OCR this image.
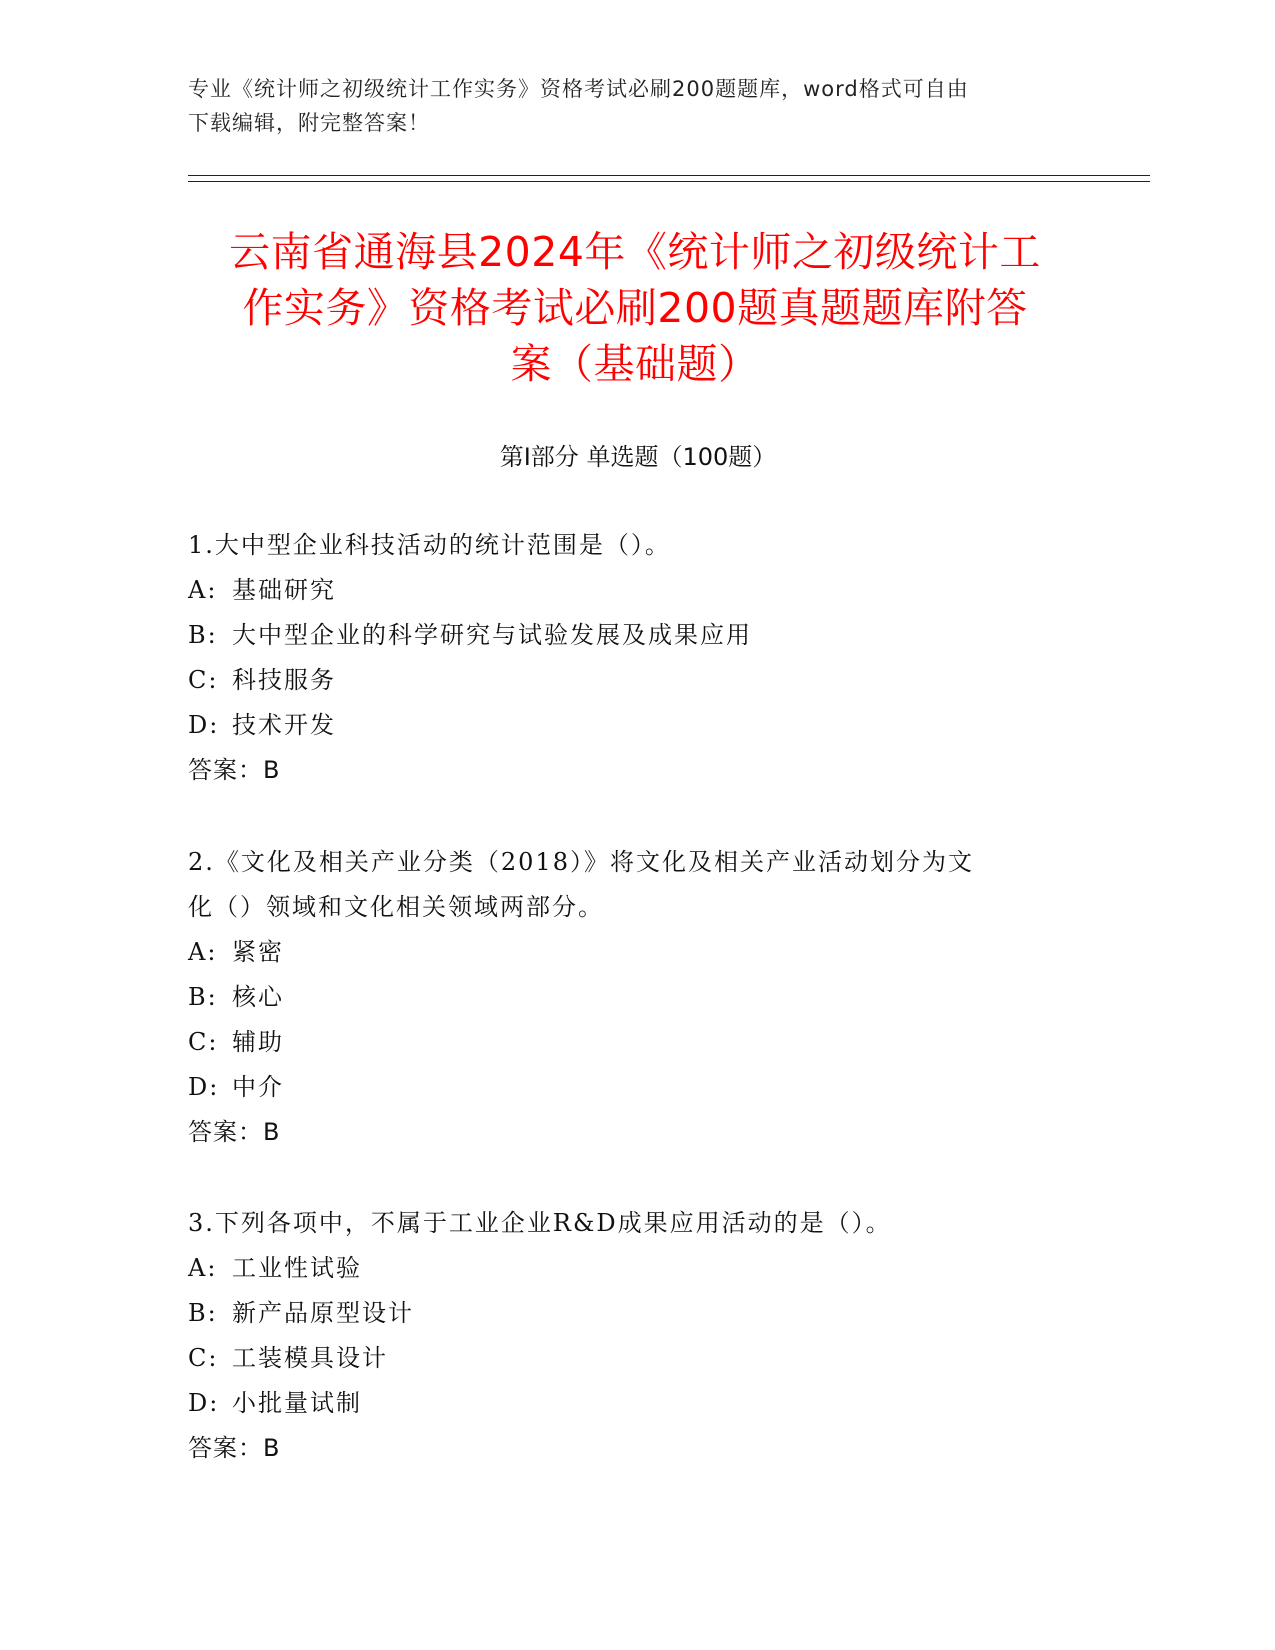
专业《统计师之初级统计工作实务》资格考试必刷200题题库，word格式可自由
下载编辑，附完整答案！
云南省通海县2024年《统计师之初级统计工
作实务》资格考试必刷200题真题题库附答
案（基础题）
第I部分 单选题（100题）

1.大中型企业科技活动的统计范围是（）。

A: 基础研究

B: 大中型企业的科学研究与试验发展及成果应用

C: 科技服务

D: 技术开发

答案：B

2.《文化及相关产业分类（2018）》将文化及相关产业活动划分为文

化（）领域和文化相关领域两部分。

A: 紧密

B: 核心

C: 辅助

D: 中介

答案：B

3.下列各项中，不属于工业企业R&D成果应用活动的是（）。

A: 工业性试验

B: 新产品原型设计

C: 工装模具设计

D: 小批量试制

答案：B
